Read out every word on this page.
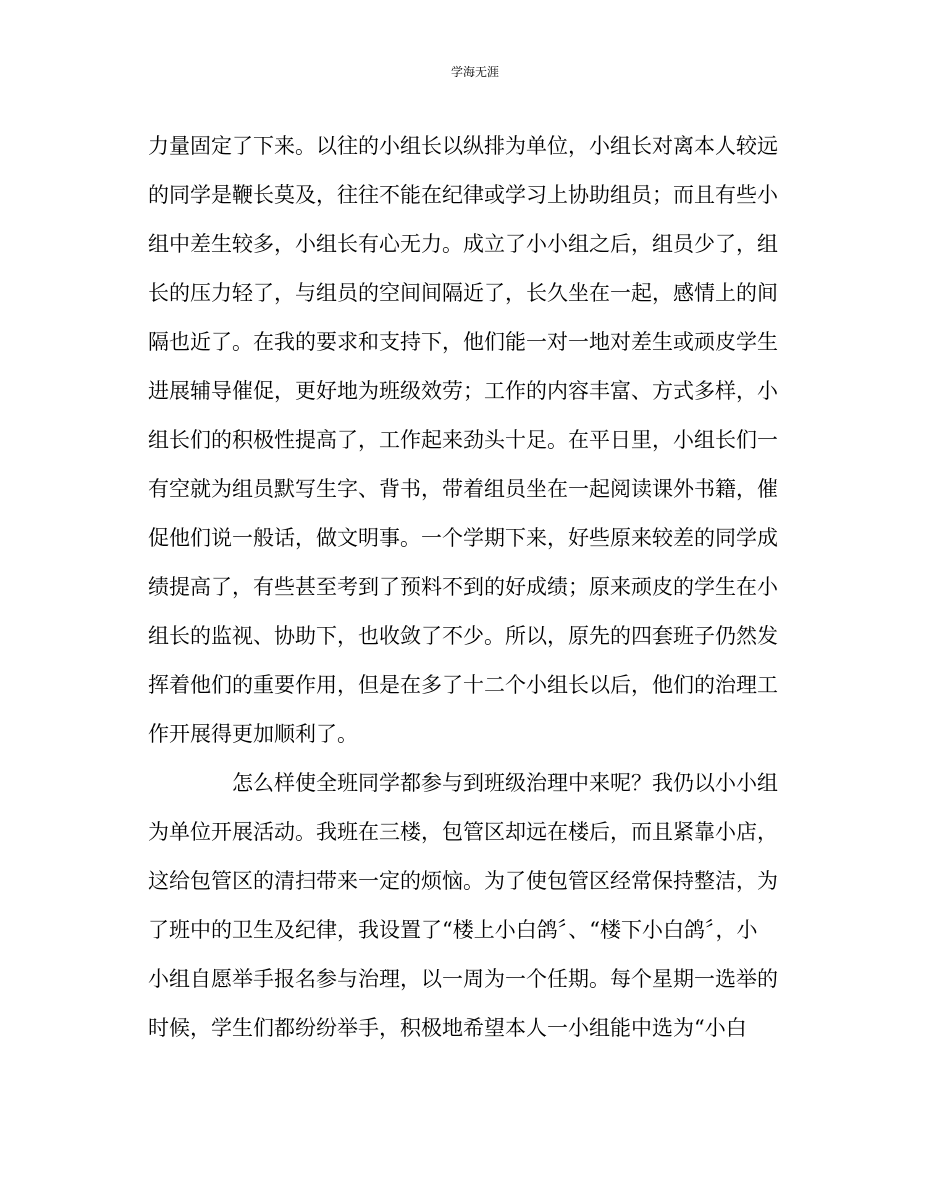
学海无涯
力量固定了下来。以往的小组长以纵排为单位，小组长对离本人较远
的同学是鞭长莫及，往往不能在纪律或学习上协助组员；而且有些小
组中差生较多，小组长有心无力。成立了小小组之后，组员少了，组
长的压力轻了，与组员的空间间隔近了，长久坐在一起，感情上的间
隔也近了。在我的要求和支持下，他们能一对一地对差生或顽皮学生
进展辅导催促，更好地为班级效劳；工作的内容丰富、方式多样，小
组长们的积极性提高了，工作起来劲头十足。在平日里，小组长们一
有空就为组员默写生字、背书，带着组员坐在一起阅读课外书籍，催
促他们说一般话，做文明事。一个学期下来，好些原来较差的同学成
绩提高了，有些甚至考到了预料不到的好成绩；原来顽皮的学生在小
组长的监视、协助下，也收敛了不少。所以，原先的四套班子仍然发
挥着他们的重要作用，但是在多了十二个小组长以后，他们的治理工
作开展得更加顺利了。
怎么样使全班同学都参与到班级治理中来呢？我仍以小小组
为单位开展活动。我班在三楼，包管区却远在楼后，而且紧靠小店，
这给包管区的清扫带来一定的烦恼。为了使包管区经常保持整洁，为
了班中的卫生及纪律，我设置了“楼上小白鸽〞、“楼下小白鸽〞，小
小组自愿举手报名参与治理，以一周为一个任期。每个星期一选举的
时候，学生们都纷纷举手，积极地希望本人一小组能中选为“小白
